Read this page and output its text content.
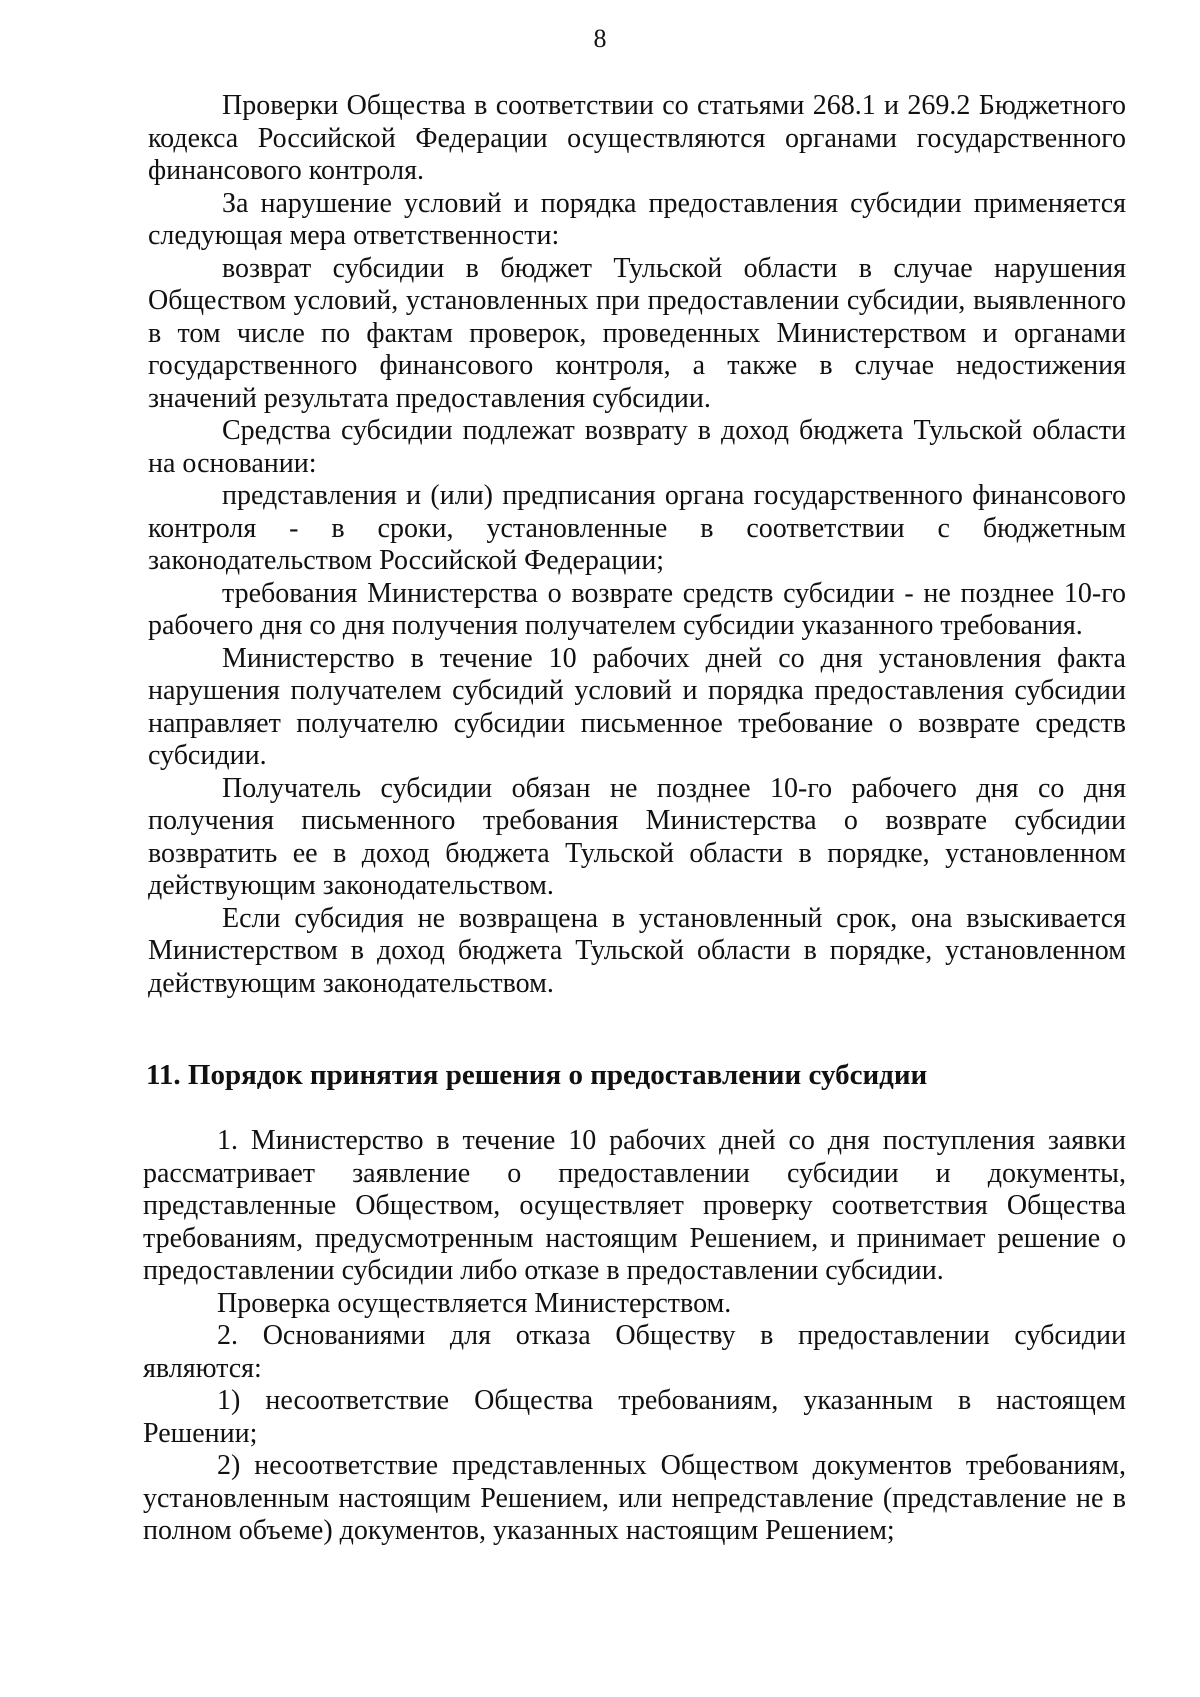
8

Проверки Общества в соответствии со статьями 268.1 и 269.2 Бюджетного кодекса Российской Федерации осуществляются органами государственного финансового контроля.

За нарушение условий и порядка предоставления субсидии применяется следующая мера ответственности:

возврат субсидии в бюджет Тульской области в случае нарушения Обществом условий, установленных при предоставлении субсидии, выявленного в том числе по фактам проверок, проведенных Министерством и органами государственного финансового контроля, а также в случае недостижения значений результата предоставления субсидии.

Средства субсидии подлежат возврату в доход бюджета Тульской области на основании:

представления и (или) предписания органа государственного финансового контроля - в сроки, установленные в соответствии с бюджетным законодательством Российской Федерации;

требования Министерства о возврате средств субсидии - не позднее 10-го рабочего дня со дня получения получателем субсидии указанного требования.

Министерство в течение 10 рабочих дней со дня установления факта нарушения получателем субсидий условий и порядка предоставления субсидии направляет получателю субсидии письменное требование о возврате средств субсидии.

Получатель субсидии обязан не позднее 10-го рабочего дня со дня получения письменного требования Министерства о возврате субсидии возвратить ее в доход бюджета Тульской области в порядке, установленном действующим законодательством.

Если субсидия не возвращена в установленный срок, она взыскивается Министерством в доход бюджета Тульской области в порядке, установленном действующим законодательством.

11. Порядок принятия решения о предоставлении субсидии

1. Министерство в течение 10 рабочих дней со дня поступления заявки рассматривает заявление о предоставлении субсидии и документы, представленные Обществом, осуществляет проверку соответствия Общества требованиям, предусмотренным настоящим Решением, и принимает решение о предоставлении субсидии либо отказе в предоставлении субсидии.

Проверка осуществляется Министерством.

2. Основаниями для отказа Обществу в предоставлении субсидии являются:

1) несоответствие Общества требованиям, указанным в настоящем Решении;

2) несоответствие представленных Обществом документов требованиям, установленным настоящим Решением, или непредставление (представление не в полном объеме) документов, указанных настоящим Решением;
